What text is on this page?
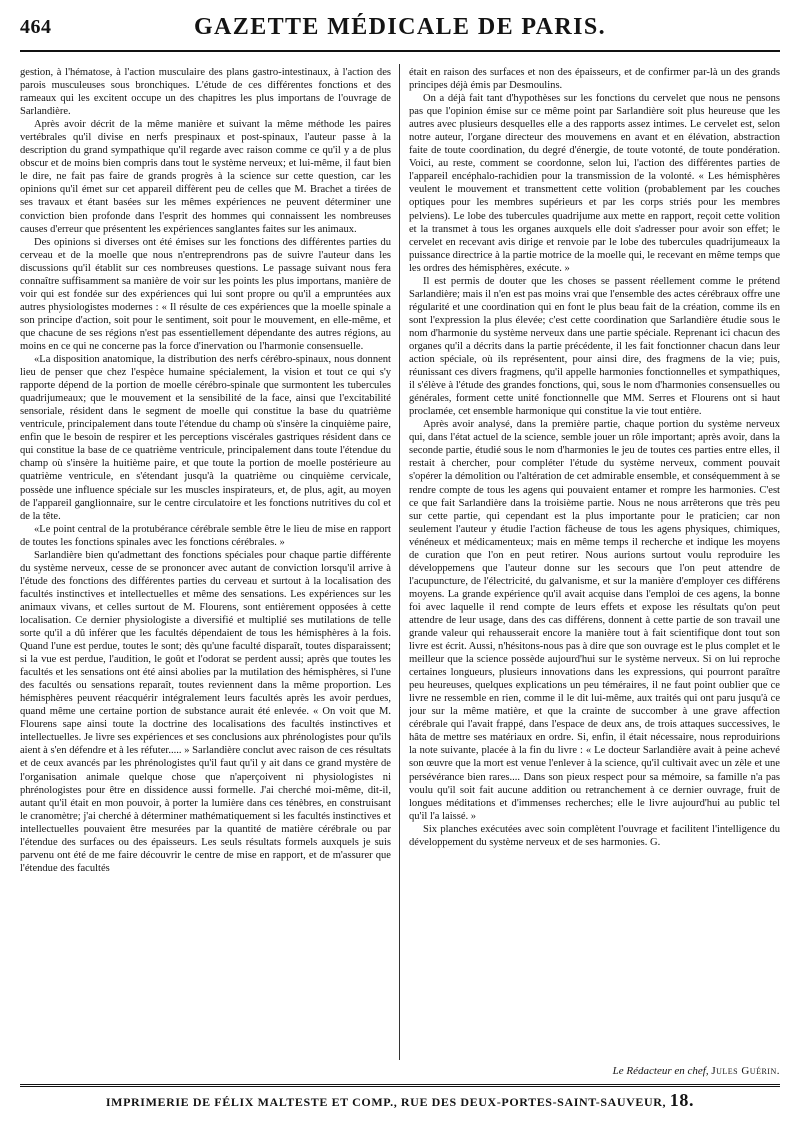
464	GAZETTE MÉDICALE DE PARIS.

gestion, à l'hématose, à l'action musculaire des plans gastro-intestinaux, à l'action des parois musculeuses sous bronchiques. L'étude de ces différentes fonctions et des rameaux qui les excitent occupe un des chapitres les plus importans de l'ouvrage de Sarlandière.

Après avoir décrit de la même manière et suivant la même méthode les paires vertébrales qu'il divise en nerfs prespinaux et post-spinaux, l'auteur passe à la description du grand sympathique qu'il regarde avec raison comme ce qu'il y a de plus obscur et de moins bien compris dans tout le système nerveux; et lui-même, il faut bien le dire, ne fait pas faire de grands progrès à la science sur cette question, car les opinions qu'il émet sur cet appareil diffèrent peu de celles que M. Brachet a tirées de ses travaux et étant basées sur les mêmes expériences ne peuvent déterminer une conviction bien profonde dans l'esprit des hommes qui connaissent les nombreuses causes d'erreur que présentent les expériences sanglantes faites sur les animaux.

Des opinions si diverses ont été émises sur les fonctions des différentes parties du cerveau et de la moelle que nous n'entreprendrons pas de suivre l'auteur dans les discussions qu'il établit sur ces nombreuses questions. Le passage suivant nous fera connaître suffisamment sa manière de voir sur les points les plus importans, manière de voir qui est fondée sur des expériences qui lui sont propre ou qu'il a empruntées aux autres physiologistes modernes : « Il résulte de ces expériences que la moelle spinale a son principe d'action, soit pour le sentiment, soit pour le mouvement, en elle-même, et que chacune de ses régions n'est pas essentiellement dépendante des autres régions, au moins en ce qui ne concerne pas la force d'inervation ou l'harmonie consensuelle.

«La disposition anatomique, la distribution des nerfs cérébro-spinaux, nous donnent lieu de penser que chez l'espèce humaine spécialement, la vision et tout ce qui s'y rapporte dépend de la portion de moelle cérébro-spinale que surmontent les tubercules quadrijumeaux; que le mouvement et la sensibilité de la face, ainsi que l'excitabilité sensoriale, résident dans le segment de moelle qui constitue la base du quatrième ventricule, principalement dans toute l'étendue du champ où s'insère la cinquième paire, enfin que le besoin de respirer et les perceptions viscérales gastriques résident dans ce qui constitue la base de ce quatrième ventricule, principalement dans toute l'étendue du champ où s'insère la huitième paire, et que toute la portion de moelle postérieure au quatrième ventricule, en s'étendant jusqu'à la quatrième ou cinquième cervicale, possède une influence spéciale sur les muscles inspirateurs, et, de plus, agit, au moyen de l'appareil ganglionnaire, sur le centre circulatoire et les fonctions nutritives du col et de la tête.

«Le point central de la protubérance cérébrale semble être le lieu de mise en rapport de toutes les fonctions spinales avec les fonctions cérébrales. »

Sarlandière bien qu'admettant des fonctions spéciales pour chaque partie différente du système nerveux, cesse de se prononcer avec autant de conviction lorsqu'il arrive à l'étude des fonctions des différentes parties du cerveau et surtout à la localisation des facultés instinctives et intellectuelles et même des sensations. Les expériences sur les animaux vivans, et celles surtout de M. Flourens, sont entièrement opposées à cette localisation. Ce dernier physiologiste a diversifié et multiplié ses mutilations de telle sorte qu'il a dû inférer que les facultés dépendaient de tous les hémisphères à la fois. Quand l'une est perdue, toutes le sont; dès qu'une faculté disparaît, toutes disparaissent; si la vue est perdue, l'audition, le goût et l'odorat se perdent aussi; après que toutes les facultés et les sensations ont été ainsi abolies par la mutilation des hémisphères, si l'une des facultés ou sensations reparaît, toutes reviennent dans la même proportion. Les hémisphères peuvent réacquérir intégralement leurs facultés après les avoir perdues, quand même une certaine portion de substance aurait été enlevée. « On voit que M. Flourens sape ainsi toute la doctrine des localisations des facultés instinctives et intellectuelles. Je livre ses expériences et ses conclusions aux phrénologistes pour qu'ils aient à s'en défendre et à les réfuter..... » Sarlandière conclut avec raison de ces résultats et de ceux avancés par les phrénologistes qu'il faut qu'il y ait dans ce grand mystère de l'organisation animale quelque chose que n'aperçoivent ni physiologistes ni phrénologistes pour être en dissidence aussi formelle. J'ai cherché moi-même, dit-il, autant qu'il était en mon pouvoir, à porter la lumière dans ces ténèbres, en construisant le cranomètre; j'ai cherché à déterminer mathématiquement si les facultés instinctives et intellectuelles pouvaient être mesurées par la quantité de matière cérébrale ou par l'étendue des surfaces ou des épaisseurs. Les seuls résultats formels auxquels je suis parvenu ont été de me faire découvrir le centre de mise en rapport, et de m'assurer que l'étendue des facultés

était en raison des surfaces et non des épaisseurs, et de confirmer par-là un des grands principes déjà émis par Desmoulins.

On a déjà fait tant d'hypothèses sur les fonctions du cervelet que nous ne pensons pas que l'opinion émise sur ce même point par Sarlandière soit plus heureuse que les autres avec plusieurs desquelles elle a des rapports assez intimes. Le cervelet est, selon notre auteur, l'organe directeur des mouvemens en avant et en élévation, abstraction faite de toute coordination, du degré d'énergie, de toute votonté, de toute pondération. Voici, au reste, comment se coordonne, selon lui, l'action des différentes parties de l'appareil encéphalo-rachidien pour la transmission de la volonté. « Les hémisphères veulent le mouvement et transmettent cette volition (probablement par les couches optiques pour les membres supérieurs et par les corps striés pour les membres pelviens). Le lobe des tubercules quadrijume aux mette en rapport, reçoit cette volition et la transmet à tous les organes auxquels elle doit s'adresser pour avoir son effet; le cervelet en recevant avis dirige et renvoie par le lobe des tubercules quadrijumeaux la puissance directrice à la partie motrice de la moelle qui, le recevant en même temps que les ordres des hémisphères, exécute. »

Il est permis de douter que les choses se passent réellement comme le prétend Sarlandière; mais il n'en est pas moins vrai que l'ensemble des actes cérébraux offre une régularité et une coordination qui en font le plus beau fait de la création, comme ils en sont l'expression la plus élevée; c'est cette coordination que Sarlandière étudie sous le nom d'harmonie du système nerveux dans une partie spéciale. Reprenant ici chacun des organes qu'il a décrits dans la partie précédente, il les fait fonctionner chacun dans leur action spéciale, où ils représentent, pour ainsi dire, des fragmens de la vie; puis, réunissant ces divers fragmens, qu'il appelle harmonies fonctionnelles et sympathiques, il s'élève à l'étude des grandes fonctions, qui, sous le nom d'harmonies consensuelles ou générales, forment cette unité fonctionnelle que MM. Serres et Flourens ont si haut proclamée, cet ensemble harmonique qui constitue la vie tout entière.

Après avoir analysé, dans la première partie, chaque portion du système nerveux qui, dans l'état actuel de la science, semble jouer un rôle important; après avoir, dans la seconde partie, étudié sous le nom d'harmonies le jeu de toutes ces parties entre elles, il restait à chercher, pour compléter l'étude du système nerveux, comment pouvait s'opérer la démolition ou l'altération de cet admirable ensemble, et conséquemment à se rendre compte de tous les agens qui pouvaient entamer et rompre les harmonies. C'est ce que fait Sarlandière dans la troisième partie. Nous ne nous arrêterons que très peu sur cette partie, qui cependant est la plus importante pour le praticien; car non seulement l'auteur y étudie l'action fâcheuse de tous les agens physiques, chimiques, vénéneux et médicamenteux; mais en même temps il recherche et indique les moyens de curation que l'on en peut retirer. Nous aurions surtout voulu reproduire les développemens que l'auteur donne sur les secours que l'on peut attendre de l'acupuncture, de l'électricité, du galvanisme, et sur la manière d'employer ces différens moyens. La grande expérience qu'il avait acquise dans l'emploi de ces agens, la bonne foi avec laquelle il rend compte de leurs effets et expose les résultats qu'on peut attendre de leur usage, dans des cas différens, donnent à cette partie de son travail une grande valeur qui rehausserait encore la manière tout à fait scientifique dont tout son livre est écrit. Aussi, n'hésitons-nous pas à dire que son ouvrage est le plus complet et le meilleur que la science possède aujourd'hui sur le système nerveux. Si on lui reproche certaines longueurs, plusieurs innovations dans les expressions, qui pourront paraître peu heureuses, quelques explications un peu téméraires, il ne faut point oublier que ce livre ne ressemble en rien, comme il le dit lui-même, aux traités qui ont paru jusqu'à ce jour sur la même matière, et que la crainte de succomber à une grave affection cérébrale qui l'avait frappé, dans l'espace de deux ans, de trois attaques successives, le hâta de mettre ses matériaux en ordre. Si, enfin, il était nécessaire, nous reproduirions la note suivante, placée à la fin du livre : « Le docteur Sarlandière avait à peine achevé son œuvre que la mort est venue l'enlever à la science, qu'il cultivait avec un zèle et une persévérance bien rares.... Dans son pieux respect pour sa mémoire, sa famille n'a pas voulu qu'il soit fait aucune addition ou retranchement à ce dernier ouvrage, fruit de longues méditations et d'immenses recherches; elle le livre aujourd'hui au public tel qu'il l'a laissé. »

Six planches exécutées avec soin complètent l'ouvrage et facilitent l'intelligence du développement du système nerveux et de ses harmonies. G.

Le Rédacteur en chef, Jules Guérin.
IMPRIMERIE DE FÉLIX MALTESTE ET COMP., RUE DES DEUX-PORTES-SAINT-SAUVEUR, 18.
